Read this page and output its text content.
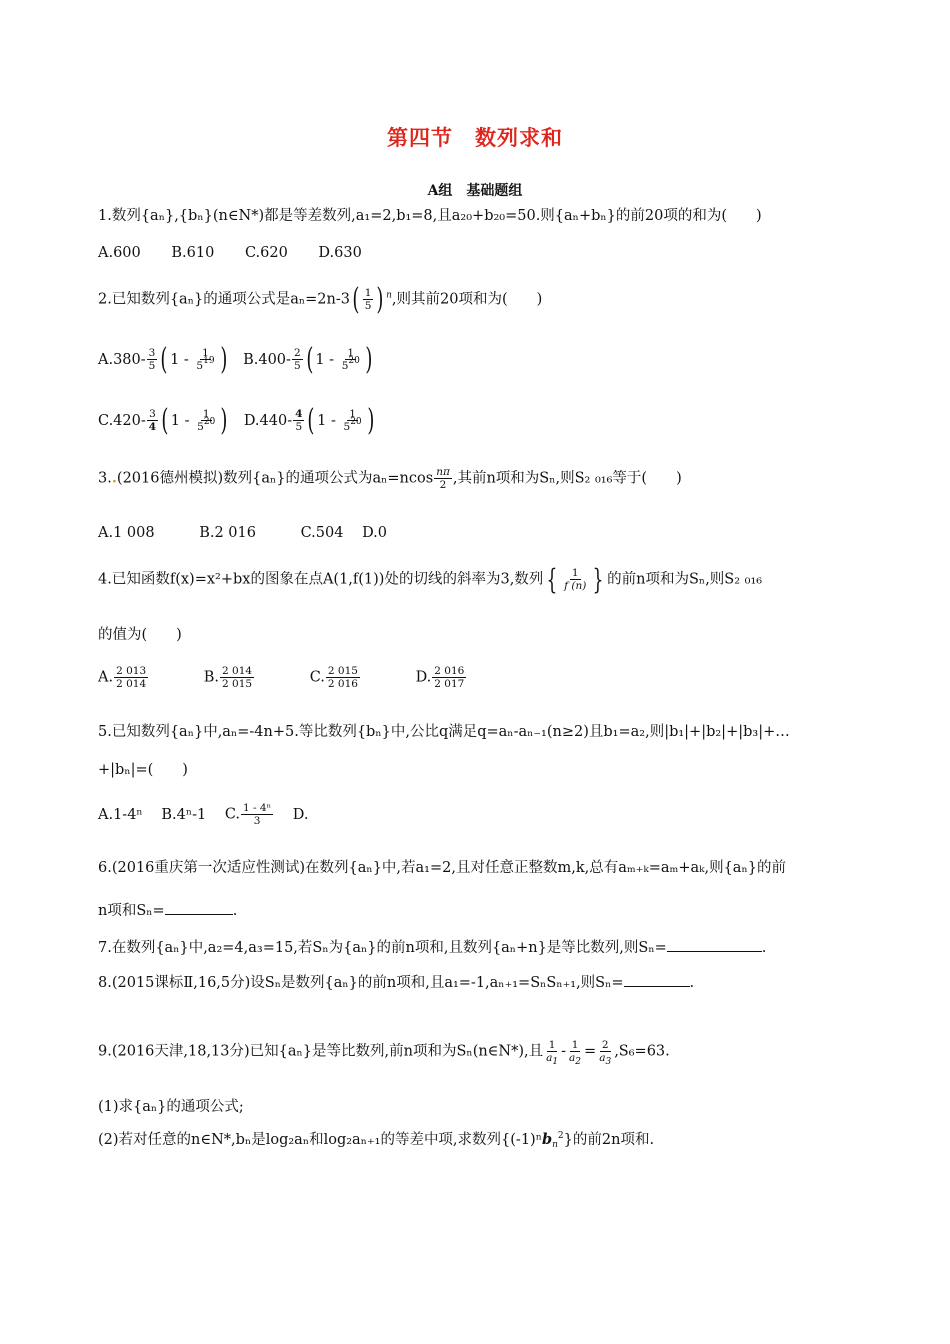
第四节　数列求和
A组　基础题组
1.数列{aₙ},{bₙ}(n∈N*)都是等差数列,a₁=2,b₁=8,且a₂₀+b₂₀=50.则{aₙ+bₙ}的前20项的和为(　　)
A.600 B.610 C.620 D.630
2.已知数列{aₙ}的通项公式是$a_n=2n-3( \frac{1}{5}$ ) $^n$,则其前20项和为(　　)
$A.380- \frac{3}{5}$ ( $1 - \frac{1}{5^{19}}$ ) $B.400- \frac{2}{5}$ ( $1 - \frac{1}{5^{20}}$ )
$C.420- \frac{3}{4}$ ( $1 - \frac{1}{5^{20}}$ ) $D.440- \frac{4}{5}$ ( $1 - \frac{1}{5^{20}}$ )
3..(2016德州模拟)数列{aₙ}的通项公式为$a_n=ncos \frac{n\pi}{2}$ ,其前n项和为Sₙ,则S₂ ₀₁₆等于(　　)
A.1 008	B.2 016	C.504 D.0
4.已知函数f(x)=x²+bx的图象在点A(1,f(1))处的切线的斜率为3,数列 { $\frac{1}{f (n)}$ } 的前n项和为Sₙ,则S₂ ₀₁₆
的值为(　　)
A. $\frac{2 013}{2 014}$	B. $\frac{2 014}{2 015}$	C. $\frac{2 015}{2 016}$	D. $\frac{2 016}{2 017}$
5.已知数列{aₙ}中,aₙ=-4n+5.等比数列{bₙ}中,公比q满足q=aₙ-aₙ₋₁(n≥2)且b₁=a₂,则|b₁|+|b₂|+|b₃|+…
+|bₙ|=(　　)
A.1-4ⁿ B.4ⁿ-1 C. $\frac{\text{1 - 4ⁿ}}{3} D$.
6.(2016重庆第一次适应性测试)在数列{aₙ}中,若a₁=2,且对任意正整数m,k,总有aₘ₊ₖ=aₘ+aₖ,则{aₙ}的前
n项和Sₙ=	.
7.在数列{aₙ}中,a₂=4,a₃=15,若Sₙ为{aₙ}的前n项和,且数列{aₙ+n}是等比数列,则Sₙ=	.
8.(2015课标Ⅱ,16,5分)设Sₙ是数列{aₙ}的前n项和,且a₁=-1,aₙ₊₁=SₙSₙ₊₁,则Sₙ=	.
9.(2016天津,18,13分)已知{aₙ}是等比数列,前n项和为Sₙ(n∈N*),且 $\frac{1}{a_1} - \frac{1}{a_2} = \frac{2}{a_3} ,S_6=63$.
(1)求{aₙ}的通项公式;
(2)若对任意的n∈N*,bₙ是log₂aₙ和log₂aₙ₊₁的等差中项,求数列{(-1)ⁿb$_n^2$}的前2n项和.
